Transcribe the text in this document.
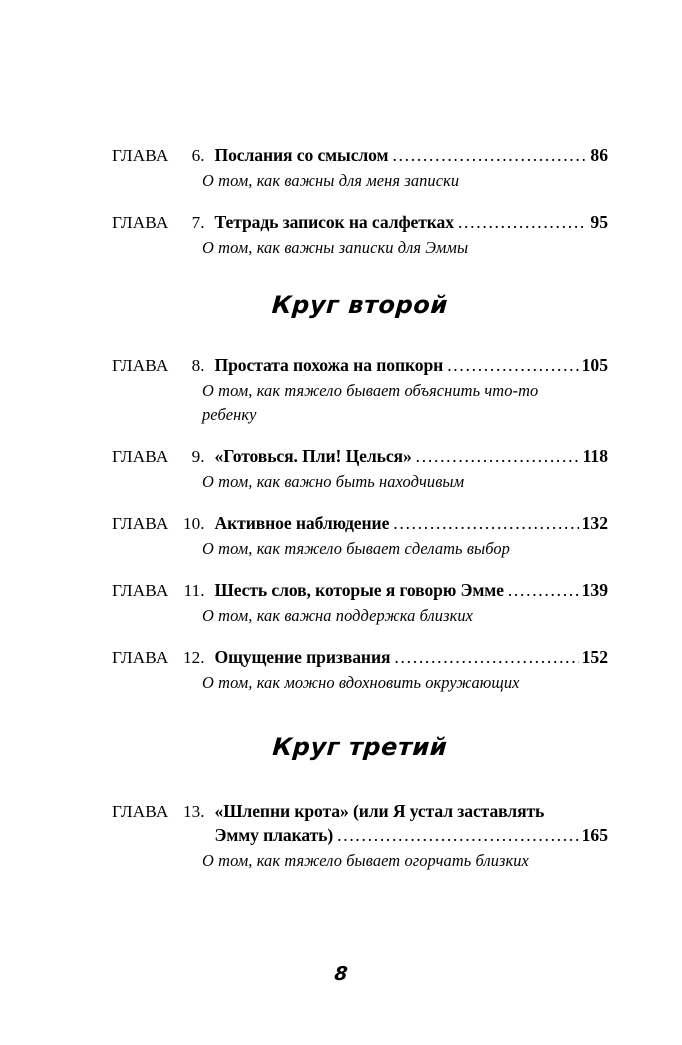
ГЛАВА	6. Послания со смыслом .....	86
О том, как важны для меня записки
ГЛАВА	7. Тетрадь записок на салфетках .....	95
О том, как важны записки для Эммы
Круг второй
ГЛАВА	8. Простата похожа на попкорн .....	105
О том, как тяжело бывает объяснить что-то ребенку
ГЛАВА	9. «Готовься. Пли! Целься» .....	118
О том, как важно быть находчивым
ГЛАВА 10. Активное наблюдение .....	132
О том, как тяжело бывает сделать выбор
ГЛАВА 11. Шесть слов, которые я говорю Эмме .....	139
О том, как важна поддержка близких
ГЛАВА 12. Ощущение призвания .....	152
О том, как можно вдохновить окружающих
Круг третий
ГЛАВА 13. «Шлепни крота» (или Я устал заставлять
Эмму плакать) .....	165
О том, как тяжело бывает огорчать близких
8
